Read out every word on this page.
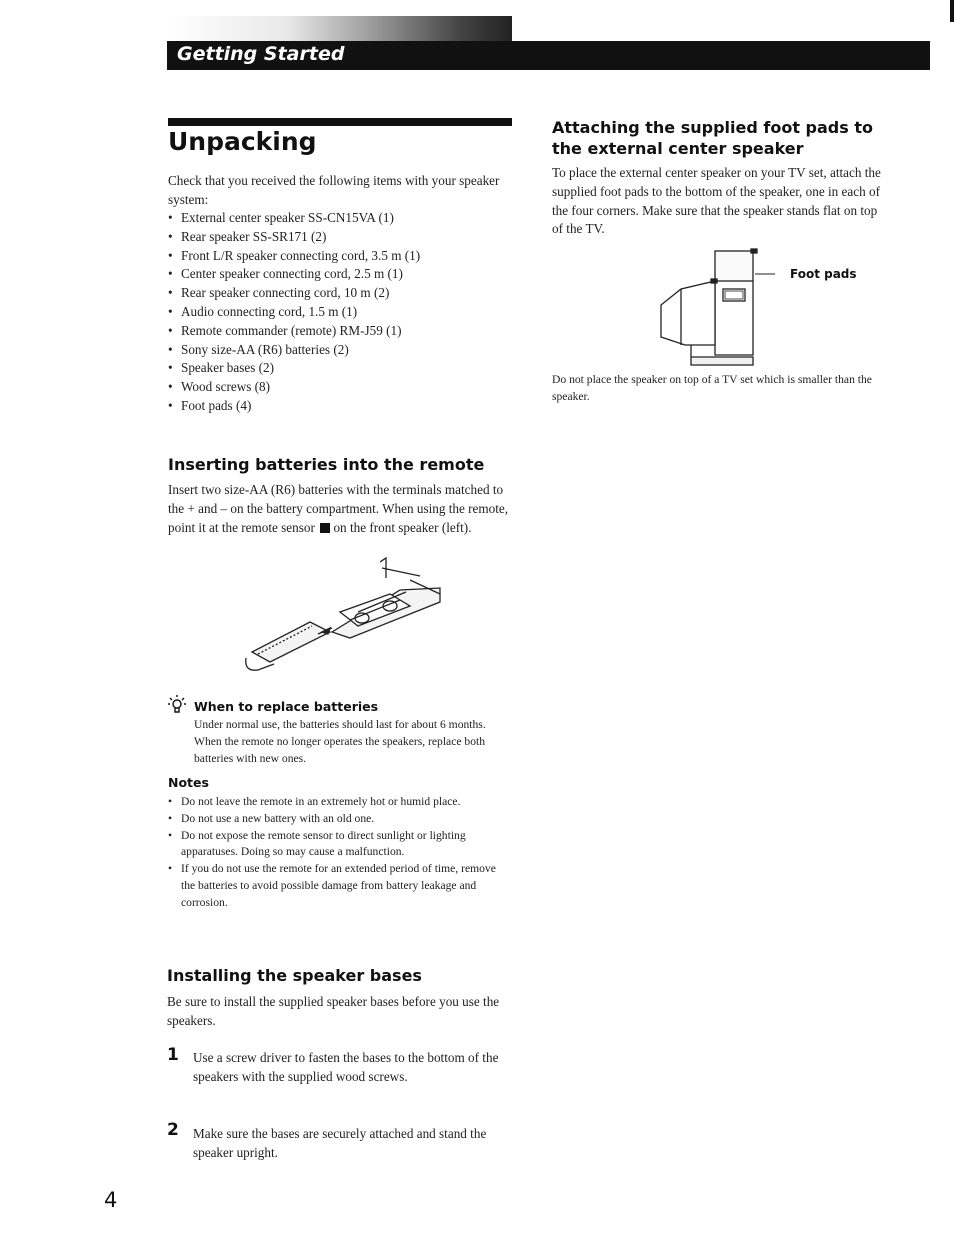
Getting Started
Unpacking
Check that you received the following items with your speaker system:
• External center speaker SS-CN15VA (1)
• Rear speaker SS-SR171 (2)
• Front L/R speaker connecting cord, 3.5 m (1)
• Center speaker connecting cord, 2.5 m (1)
• Rear speaker connecting cord, 10 m (2)
• Audio connecting cord, 1.5 m (1)
• Remote commander (remote) RM-J59 (1)
• Sony size-AA (R6) batteries (2)
• Speaker bases (2)
• Wood screws (8)
• Foot pads (4)
Inserting batteries into the remote
Insert two size-AA (R6) batteries with the terminals matched to the + and – on the battery compartment. When using the remote, point it at the remote sensor on the front speaker (left).
When to replace batteries
Under normal use, the batteries should last for about 6 months. When the remote no longer operates the speakers, replace both batteries with new ones.
Notes
• Do not leave the remote in an extremely hot or humid place.
• Do not use a new battery with an old one.
• Do not expose the remote sensor to direct sunlight or lighting apparatuses. Doing so may cause a malfunction.
• If you do not use the remote for an extended period of time, remove the batteries to avoid possible damage from battery leakage and corrosion.
Installing the speaker bases
Be sure to install the supplied speaker bases before you use the speakers.
1 Use a screw driver to fasten the bases to the bottom of the speakers with the supplied wood screws.
2 Make sure the bases are securely attached and stand the speaker upright.
Attaching the supplied foot pads to the external center speaker
To place the external center speaker on your TV set, attach the supplied foot pads to the bottom of the speaker, one in each of the four corners. Make sure that the speaker stands flat on top of the TV.
Foot pads
Do not place the speaker on top of a TV set which is smaller than the speaker.
4
